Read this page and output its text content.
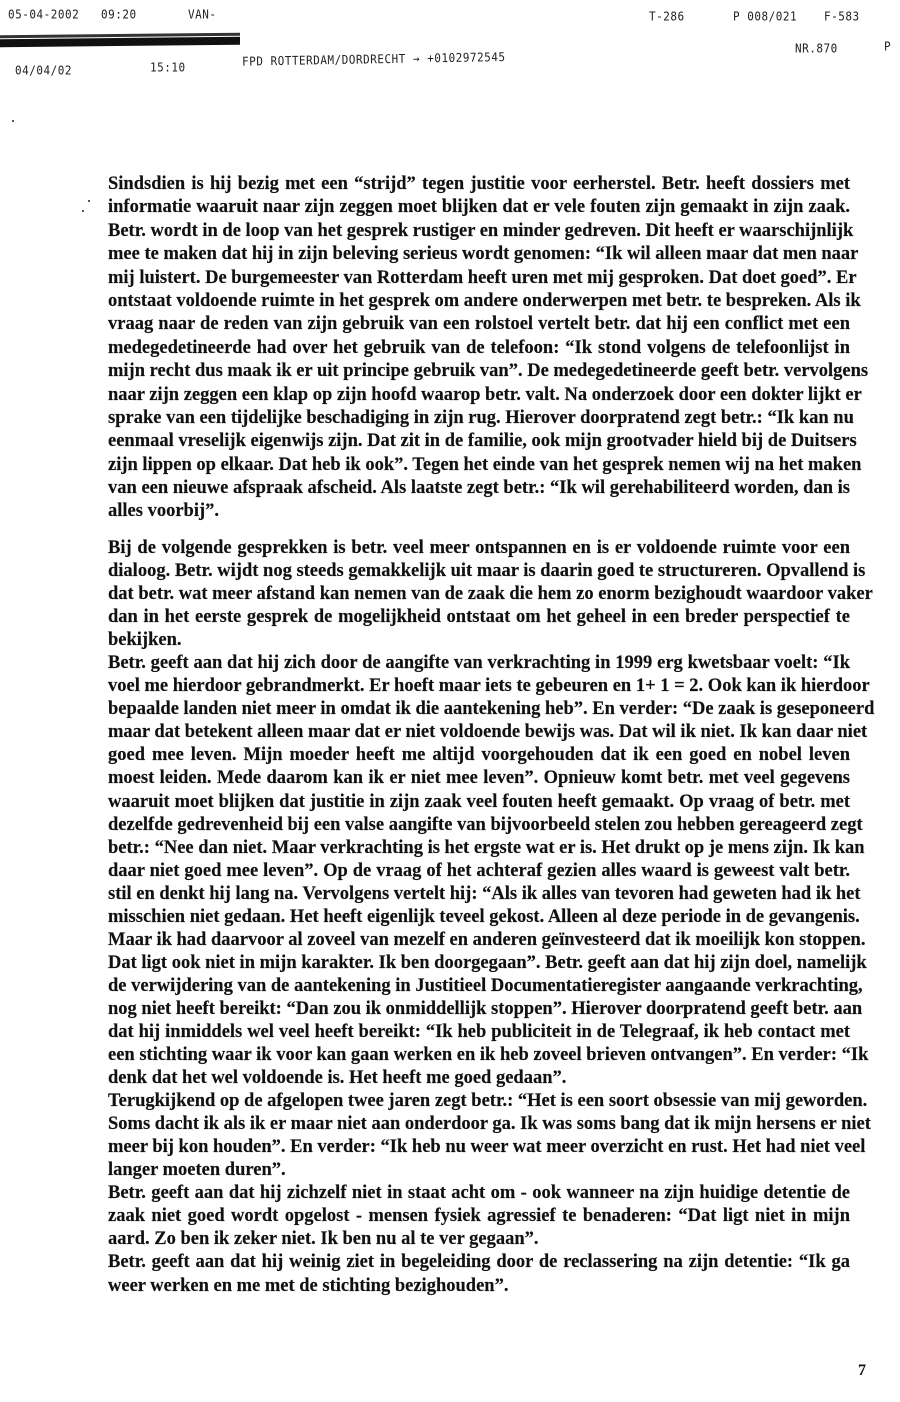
05-04-2002 09:20	VAN-	T-286	P 008/021 F-583
04/04/02	15:10	FPD ROTTERDAM/DORDRECHT → +0102972545
NR.870	P
Sindsdien is hij bezig met een “strijd” tegen justitie voor eerherstel. Betr. heeft dossiers met
informatie waaruit naar zijn zeggen moet blijken dat er vele fouten zijn gemaakt in zijn zaak.
Betr. wordt in de loop van het gesprek rustiger en minder gedreven. Dit heeft er waarschijnlijk
mee te maken dat hij in zijn beleving serieus wordt genomen: “Ik wil alleen maar dat men naar
mij luistert. De burgemeester van Rotterdam heeft uren met mij gesproken. Dat doet goed”. Er
ontstaat voldoende ruimte in het gesprek om andere onderwerpen met betr. te bespreken. Als ik
vraag naar de reden van zijn gebruik van een rolstoel vertelt betr. dat hij een conflict met een
medegedetineerde had over het gebruik van de telefoon: “Ik stond volgens de telefoonlijst in
mijn recht dus maak ik er uit principe gebruik van”. De medegedetineerde geeft betr. vervolgens
naar zijn zeggen een klap op zijn hoofd waarop betr. valt. Na onderzoek door een dokter lijkt er
sprake van een tijdelijke beschadiging in zijn rug. Hierover doorpratend zegt betr.: “Ik kan nu
eenmaal vreselijk eigenwijs zijn. Dat zit in de familie, ook mijn grootvader hield bij de Duitsers
zijn lippen op elkaar. Dat heb ik ook”. Tegen het einde van het gesprek nemen wij na het maken
van een nieuwe afspraak afscheid. Als laatste zegt betr.: “Ik wil gerehabiliteerd worden, dan is
alles voorbij”.
Bij de volgende gesprekken is betr. veel meer ontspannen en is er voldoende ruimte voor een
dialoog. Betr. wijdt nog steeds gemakkelijk uit maar is daarin goed te structureren. Opvallend is
dat betr. wat meer afstand kan nemen van de zaak die hem zo enorm bezighoudt waardoor vaker
dan in het eerste gesprek de mogelijkheid ontstaat om het geheel in een breder perspectief te
bekijken.
Betr. geeft aan dat hij zich door de aangifte van verkrachting in 1999 erg kwetsbaar voelt: “Ik
voel me hierdoor gebrandmerkt. Er hoeft maar iets te gebeuren en 1+ 1 = 2. Ook kan ik hierdoor
bepaalde landen niet meer in omdat ik die aantekening heb”. En verder: “De zaak is geseponeerd
maar dat betekent alleen maar dat er niet voldoende bewijs was. Dat wil ik niet. Ik kan daar niet
goed mee leven. Mijn moeder heeft me altijd voorgehouden dat ik een goed en nobel leven
moest leiden. Mede daarom kan ik er niet mee leven”. Opnieuw komt betr. met veel gegevens
waaruit moet blijken dat justitie in zijn zaak veel fouten heeft gemaakt. Op vraag of betr. met
dezelfde gedrevenheid bij een valse aangifte van bijvoorbeeld stelen zou hebben gereageerd zegt
betr.: “Nee dan niet. Maar verkrachting is het ergste wat er is. Het drukt op je mens zijn. Ik kan
daar niet goed mee leven”. Op de vraag of het achteraf gezien alles waard is geweest valt betr.
stil en denkt hij lang na. Vervolgens vertelt hij: “Als ik alles van tevoren had geweten had ik het
misschien niet gedaan. Het heeft eigenlijk teveel gekost. Alleen al deze periode in de gevangenis.
Maar ik had daarvoor al zoveel van mezelf en anderen geïnvesteerd dat ik moeilijk kon stoppen.
Dat ligt ook niet in mijn karakter. Ik ben doorgegaan”. Betr. geeft aan dat hij zijn doel, namelijk
de verwijdering van de aantekening in Justitieel Documentatieregister aangaande verkrachting,
nog niet heeft bereikt: “Dan zou ik onmiddellijk stoppen”. Hierover doorpratend geeft betr. aan
dat hij inmiddels wel veel heeft bereikt: “Ik heb publiciteit in de Telegraaf, ik heb contact met
een stichting waar ik voor kan gaan werken en ik heb zoveel brieven ontvangen”. En verder: “Ik
denk dat het wel voldoende is. Het heeft me goed gedaan”.
Terugkijkend op de afgelopen twee jaren zegt betr.: “Het is een soort obsessie van mij geworden.
Soms dacht ik als ik er maar niet aan onderdoor ga. Ik was soms bang dat ik mijn hersens er niet
meer bij kon houden”. En verder: “Ik heb nu weer wat meer overzicht en rust. Het had niet veel
langer moeten duren”.
Betr. geeft aan dat hij zichzelf niet in staat acht om - ook wanneer na zijn huidige detentie de
zaak niet goed wordt opgelost - mensen fysiek agressief te benaderen: “Dat ligt niet in mijn
aard. Zo ben ik zeker niet. Ik ben nu al te ver gegaan”.
Betr. geeft aan dat hij weinig ziet in begeleiding door de reclassering na zijn detentie: “Ik ga
weer werken en me met de stichting bezighouden”.
7
